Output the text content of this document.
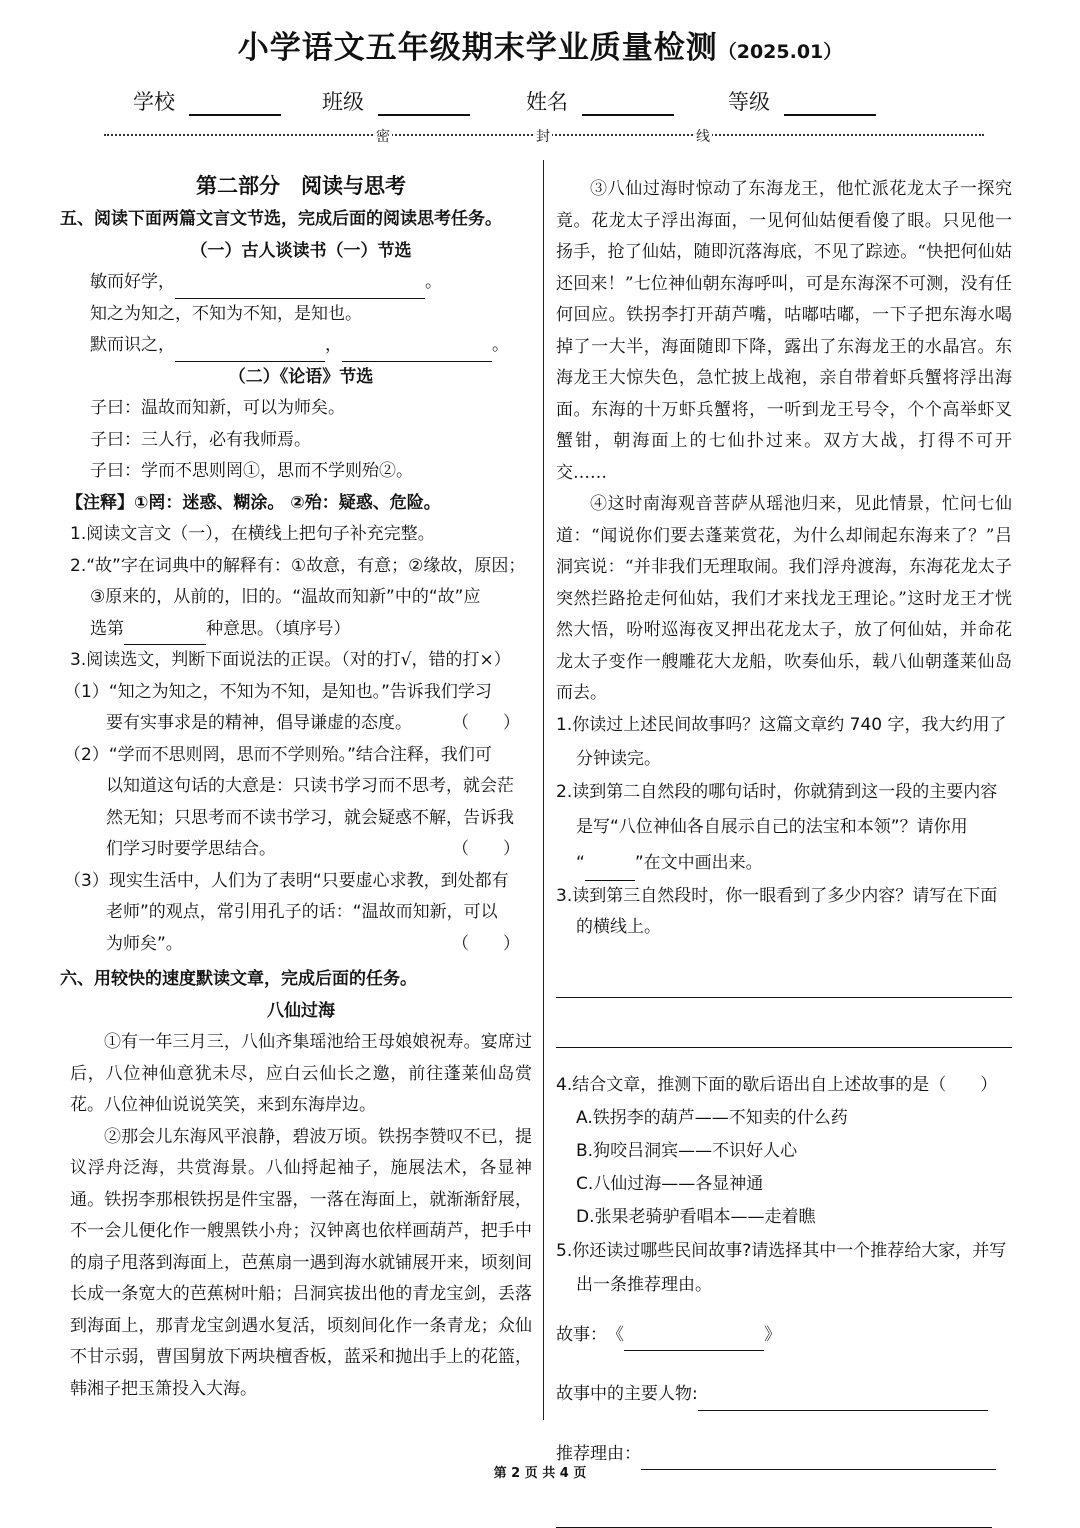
小学语文五年级期末学业质量检测（2025.01）
学校	班级	姓名	等级
密	封	线
第二部分　阅读与思考
五、阅读下面两篇文言文节选，完成后面的阅读思考任务。
（一）古人谈读书（一）节选
敏而好学，	。
知之为知之，不知为不知，是知也。
默而识之，	，	。
（二）《论语》节选
子曰：温故而知新，可以为师矣。
子曰：三人行，必有我师焉。
子曰：学而不思则罔①，思而不学则殆②。
【注释】①罔：迷惑、糊涂。 ②殆：疑惑、危险。
1.阅读文言文（一），在横线上把句子补充完整。
2.“故”字在词典中的解释有：①故意，有意；②缘故，原因；
③原来的，从前的，旧的。“温故而知新”中的“故”应
选第	种意思。（填序号）
3.阅读选文，判断下面说法的正误。（对的打√，错的打×）
（1）“知之为知之，不知为不知，是知也。”告诉我们学习
要有实事求是的精神，倡导谦虚的态度。 （　　）
（2）“学而不思则罔，思而不学则殆。”结合注释，我们可
以知道这句话的大意是：只读书学习而不思考，就会茫
然无知；只思考而不读书学习，就会疑惑不解，告诉我
们学习时要学思结合。	（　　）
（3）现实生活中，人们为了表明“只要虚心求教，到处都有
老师”的观点，常引用孔子的话：“温故而知新，可以
为师矣”。	（　　）
六、用较快的速度默读文章，完成后面的任务。
八仙过海
①有一年三月三，八仙齐集瑶池给王母娘娘祝寿。宴席过后，八位神仙意犹未尽，应白云仙长之邀，前往蓬莱仙岛赏花。八位神仙说说笑笑，来到东海岸边。
②那会儿东海风平浪静，碧波万顷。铁拐李赞叹不已，提议浮舟泛海，共赏海景。八仙捋起袖子，施展法术，各显神通。铁拐李那根铁拐是件宝器，一落在海面上，就渐渐舒展，不一会儿便化作一艘黑铁小舟；汉钟离也依样画葫芦，把手中的扇子甩落到海面上，芭蕉扇一遇到海水就铺展开来，顷刻间长成一条宽大的芭蕉树叶船；吕洞宾拔出他的青龙宝剑，丢落到海面上，那青龙宝剑遇水复活，顷刻间化作一条青龙；众仙不甘示弱，曹国舅放下两块檀香板，蓝采和抛出手上的花篮，韩湘子把玉箫投入大海。
③八仙过海时惊动了东海龙王，他忙派花龙太子一探究竟。花龙太子浮出海面，一见何仙姑便看傻了眼。只见他一扬手，抢了仙姑，随即沉落海底，不见了踪迹。“快把何仙姑还回来！”七位神仙朝东海呼叫，可是东海深不可测，没有任何回应。铁拐李打开葫芦嘴，咕嘟咕嘟，一下子把东海水喝掉了一大半，海面随即下降，露出了东海龙王的水晶宫。东海龙王大惊失色，急忙披上战袍，亲自带着虾兵蟹将浮出海面。东海的十万虾兵蟹将，一听到龙王号令，个个高举虾叉蟹钳，朝海面上的七仙扑过来。双方大战，打得不可开交……
④这时南海观音菩萨从瑶池归来，见此情景，忙问七仙道：“闻说你们要去蓬莱赏花，为什么却闹起东海来了？”吕洞宾说：“并非我们无理取闹。我们浮舟渡海，东海花龙太子突然拦路抢走何仙姑，我们才来找龙王理论。”这时龙王才恍然大悟，吩咐巡海夜叉押出花龙太子，放了何仙姑，并命花龙太子变作一艘雕花大龙船，吹奏仙乐，载八仙朝蓬莱仙岛而去。
1.你读过上述民间故事吗？这篇文章约 740 字，我大约用了
分钟读完。
2.读到第二自然段的哪句话时，你就猜到这一段的主要内容
是写“八位神仙各自展示自己的法宝和本领”？请你用
“	”在文中画出来。
3.读到第三自然段时，你一眼看到了多少内容？请写在下面
的横线上。
4.结合文章，推测下面的歇后语出自上述故事的是（　　）
A.铁拐李的葫芦——不知卖的什么药
B.狗咬吕洞宾——不识好人心
C.八仙过海——各显神通
D.张果老骑驴看唱本——走着瞧
5.你还读过哪些民间故事?请选择其中一个推荐给大家，并写
出一条推荐理由。
故事：　 《	》
故事中的主要人物:
推荐理由：
第 2 页 共 4 页
